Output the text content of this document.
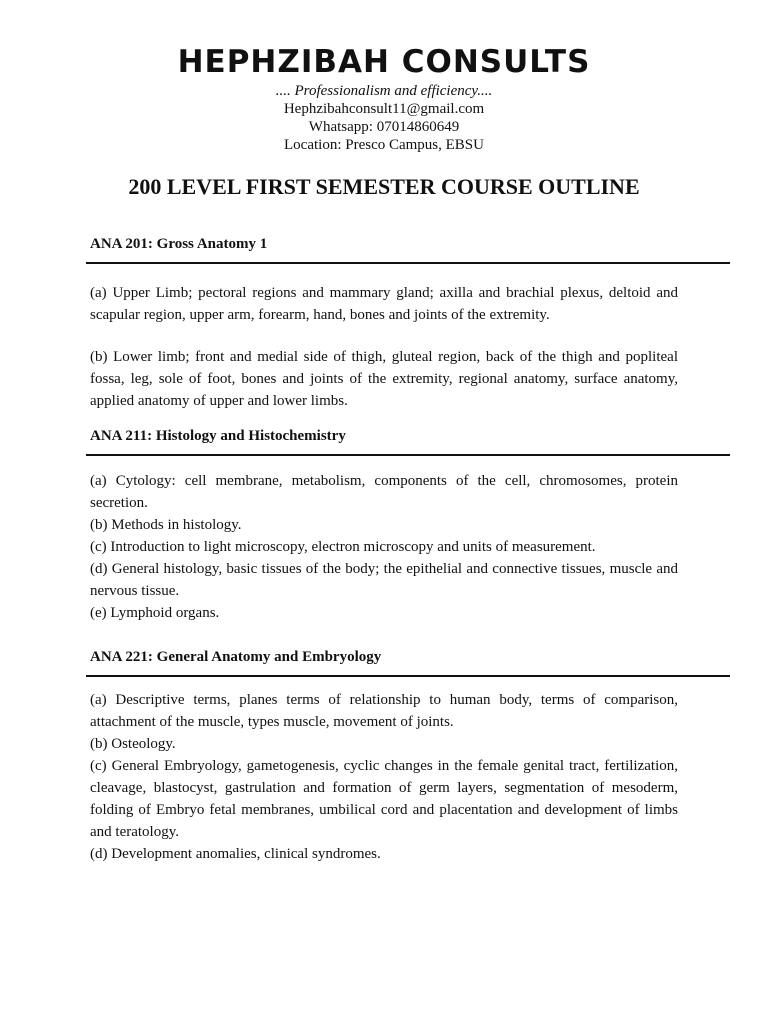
HEPHZIBAH CONSULTS

.... Professionalism and efficiency....

Hephzibahconsult11@gmail.com

Whatsapp: 07014860649

Location: Presco Campus, EBSU

200 LEVEL FIRST SEMESTER COURSE OUTLINE

ANA 201: Gross Anatomy 1

(a) Upper Limb; pectoral regions and mammary gland; axilla and brachial plexus, deltoid and scapular region, upper arm, forearm, hand, bones and joints of the extremity.

(b) Lower limb; front and medial side of thigh, gluteal region, back of the thigh and popliteal fossa, leg, sole of foot, bones and joints of the extremity, regional anatomy, surface anatomy, applied anatomy of upper and lower limbs.

ANA 211: Histology and Histochemistry

(a) Cytology: cell membrane, metabolism, components of the cell, chromosomes, protein secretion.

(b) Methods in histology.

(c) Introduction to light microscopy, electron microscopy and units of measurement.

(d) General histology, basic tissues of the body; the epithelial and connective tissues, muscle and nervous tissue.

(e) Lymphoid organs.

ANA 221: General Anatomy and Embryology

(a) Descriptive terms, planes terms of relationship to human body, terms of comparison, attachment of the muscle, types muscle, movement of joints.

(b) Osteology.

(c) General Embryology, gametogenesis, cyclic changes in the female genital tract, fertilization, cleavage, blastocyst, gastrulation and formation of germ layers, segmentation of mesoderm, folding of Embryo fetal membranes, umbilical cord and placentation and development of limbs and teratology.

(d) Development anomalies, clinical syndromes.
